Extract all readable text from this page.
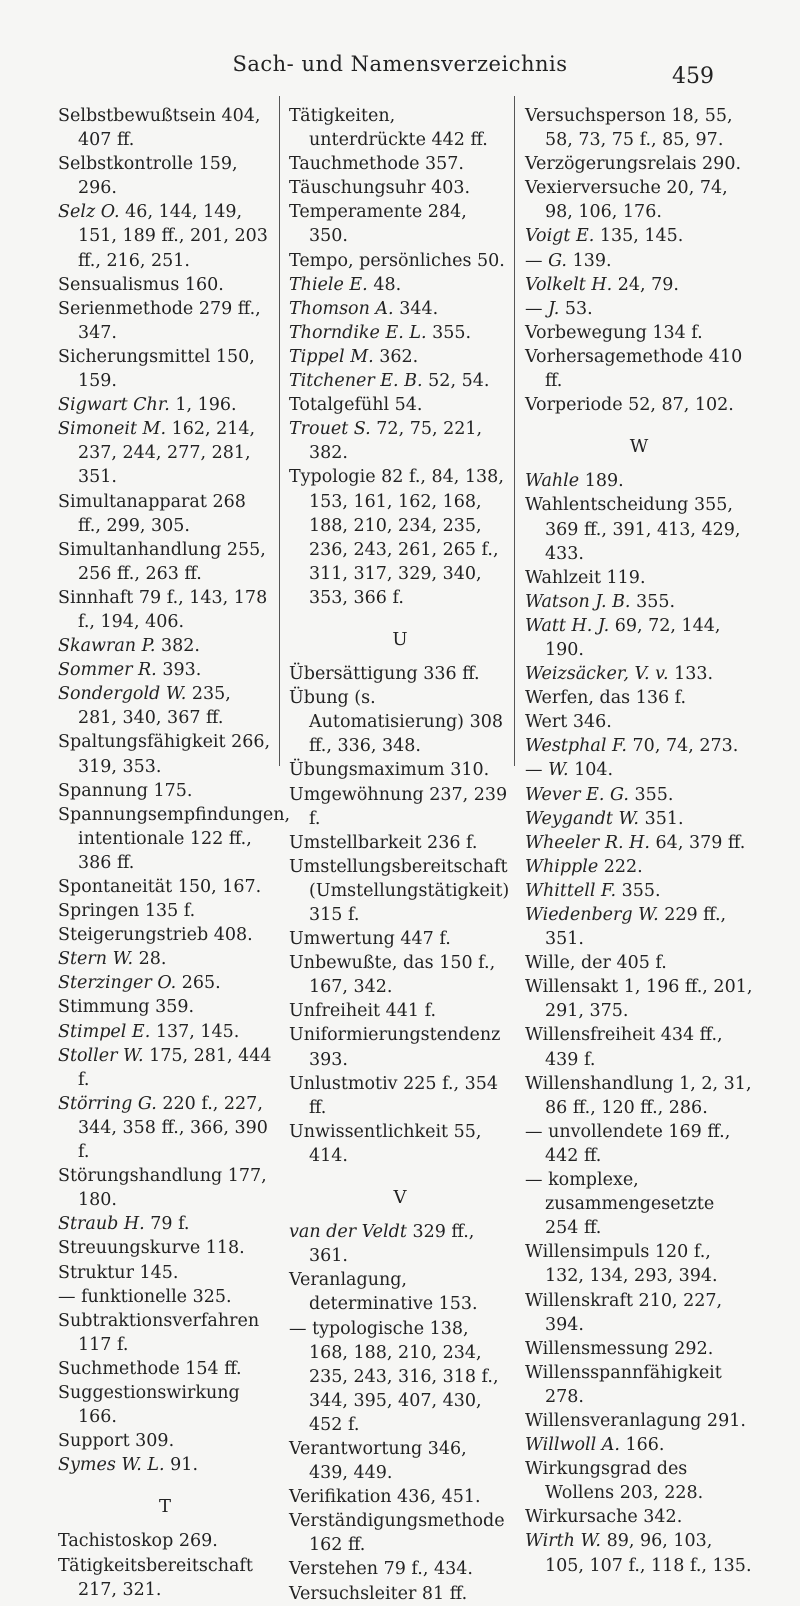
Sach- und Namensverzeichnis	459
Selbstbewußtsein 404, 407 ff.
Selbstkontrolle 159, 296.
Selz O. 46, 144, 149, 151, 189 ff., 201, 203 ff., 216, 251.
Sensualismus 160.
Serienmethode 279 ff., 347.
Sicherungsmittel 150, 159.
Sigwart Chr. 1, 196.
Simoneit M. 162, 214, 237, 244, 277, 281, 351.
Simultanapparat 268 ff., 299, 305.
Simultanhandlung 255, 256 ff., 263 ff.
Sinnhaft 79 f., 143, 178 f., 194, 406.
Skawran P. 382.
Sommer R. 393.
Sondergold W. 235, 281, 340, 367 ff.
Spaltungsfähigkeit 266, 319, 353.
Spannung 175.
Spannungsempfindungen, intentionale 122 ff., 386 ff.
Spontaneität 150, 167.
Springen 135 f.
Steigerungstrieb 408.
Stern W. 28.
Sterzinger O. 265.
Stimmung 359.
Stimpel E. 137, 145.
Stoller W. 175, 281, 444 f.
Störring G. 220 f., 227, 344, 358 ff., 366, 390 f.
Störungshandlung 177, 180.
Straub H. 79 f.
Streuungskurve 118.
Struktur 145.
— funktionelle 325.
Subtraktionsverfahren 117 f.
Suchmethode 154 ff.
Suggestionswirkung 166.
Support 309.
Symes W. L. 91.
T
Tachistoskop 269.
Tätigkeitsbereitschaft 217, 321.
Tätigkeiten, unterdrückte 442 ff.
Tauchmethode 357.
Täuschungsuhr 403.
Temperamente 284, 350.
Tempo, persönliches 50.
Thiele E. 48.
Thomson A. 344.
Thorndike E. L. 355.
Tippel M. 362.
Titchener E. B. 52, 54.
Totalgefühl 54.
Trouet S. 72, 75, 221, 382.
Typologie 82 f., 84, 138, 153, 161, 162, 168, 188, 210, 234, 235, 236, 243, 261, 265 f., 311, 317, 329, 340, 353, 366 f.
U
Übersättigung 336 ff.
Übung (s. Automatisierung) 308 ff., 336, 348.
Übungsmaximum 310.
Umgewöhnung 237, 239 f.
Umstellbarkeit 236 f.
Umstellungsbereitschaft (Umstellungstätigkeit) 315 f.
Umwertung 447 f.
Unbewußte, das 150 f., 167, 342.
Unfreiheit 441 f.
Uniformierungstendenz 393.
Unlustmotiv 225 f., 354 ff.
Unwissentlichkeit 55, 414.
V
van der Veldt 329 ff., 361.
Veranlagung, determinative 153.
— typologische 138, 168, 188, 210, 234, 235, 243, 316, 318 f., 344, 395, 407, 430, 452 f.
Verantwortung 346, 439, 449.
Verifikation 436, 451.
Verständigungsmethode 162 ff.
Verstehen 79 f., 434.
Versuchsleiter 81 ff.
Versuchsperson 18, 55, 58, 73, 75 f., 85, 97.
Verzögerungsrelais 290.
Vexierversuche 20, 74, 98, 106, 176.
Voigt E. 135, 145.
— G. 139.
Volkelt H. 24, 79.
— J. 53.
Vorbewegung 134 f.
Vorhersagemethode 410 ff.
Vorperiode 52, 87, 102.
W
Wahle 189.
Wahlentscheidung 355, 369 ff., 391, 413, 429, 433.
Wahlzeit 119.
Watson J. B. 355.
Watt H. J. 69, 72, 144, 190.
Weizsäcker, V. v. 133.
Werfen, das 136 f.
Wert 346.
Westphal F. 70, 74, 273.
— W. 104.
Wever E. G. 355.
Weygandt W. 351.
Wheeler R. H. 64, 379 ff.
Whipple 222.
Whittell F. 355.
Wiedenberg W. 229 ff., 351.
Wille, der 405 f.
Willensakt 1, 196 ff., 201, 291, 375.
Willensfreiheit 434 ff., 439 f.
Willenshandlung 1, 2, 31, 86 ff., 120 ff., 286.
— unvollendete 169 ff., 442 ff.
— komplexe, zusammengesetzte 254 ff.
Willensimpuls 120 f., 132, 134, 293, 394.
Willenskraft 210, 227, 394.
Willensmessung 292.
Willensspannfähigkeit 278.
Willensveranlagung 291.
Willwoll A. 166.
Wirkungsgrad des Wollens 203, 228.
Wirkursache 342.
Wirth W. 89, 96, 103, 105, 107 f., 118 f., 135.
